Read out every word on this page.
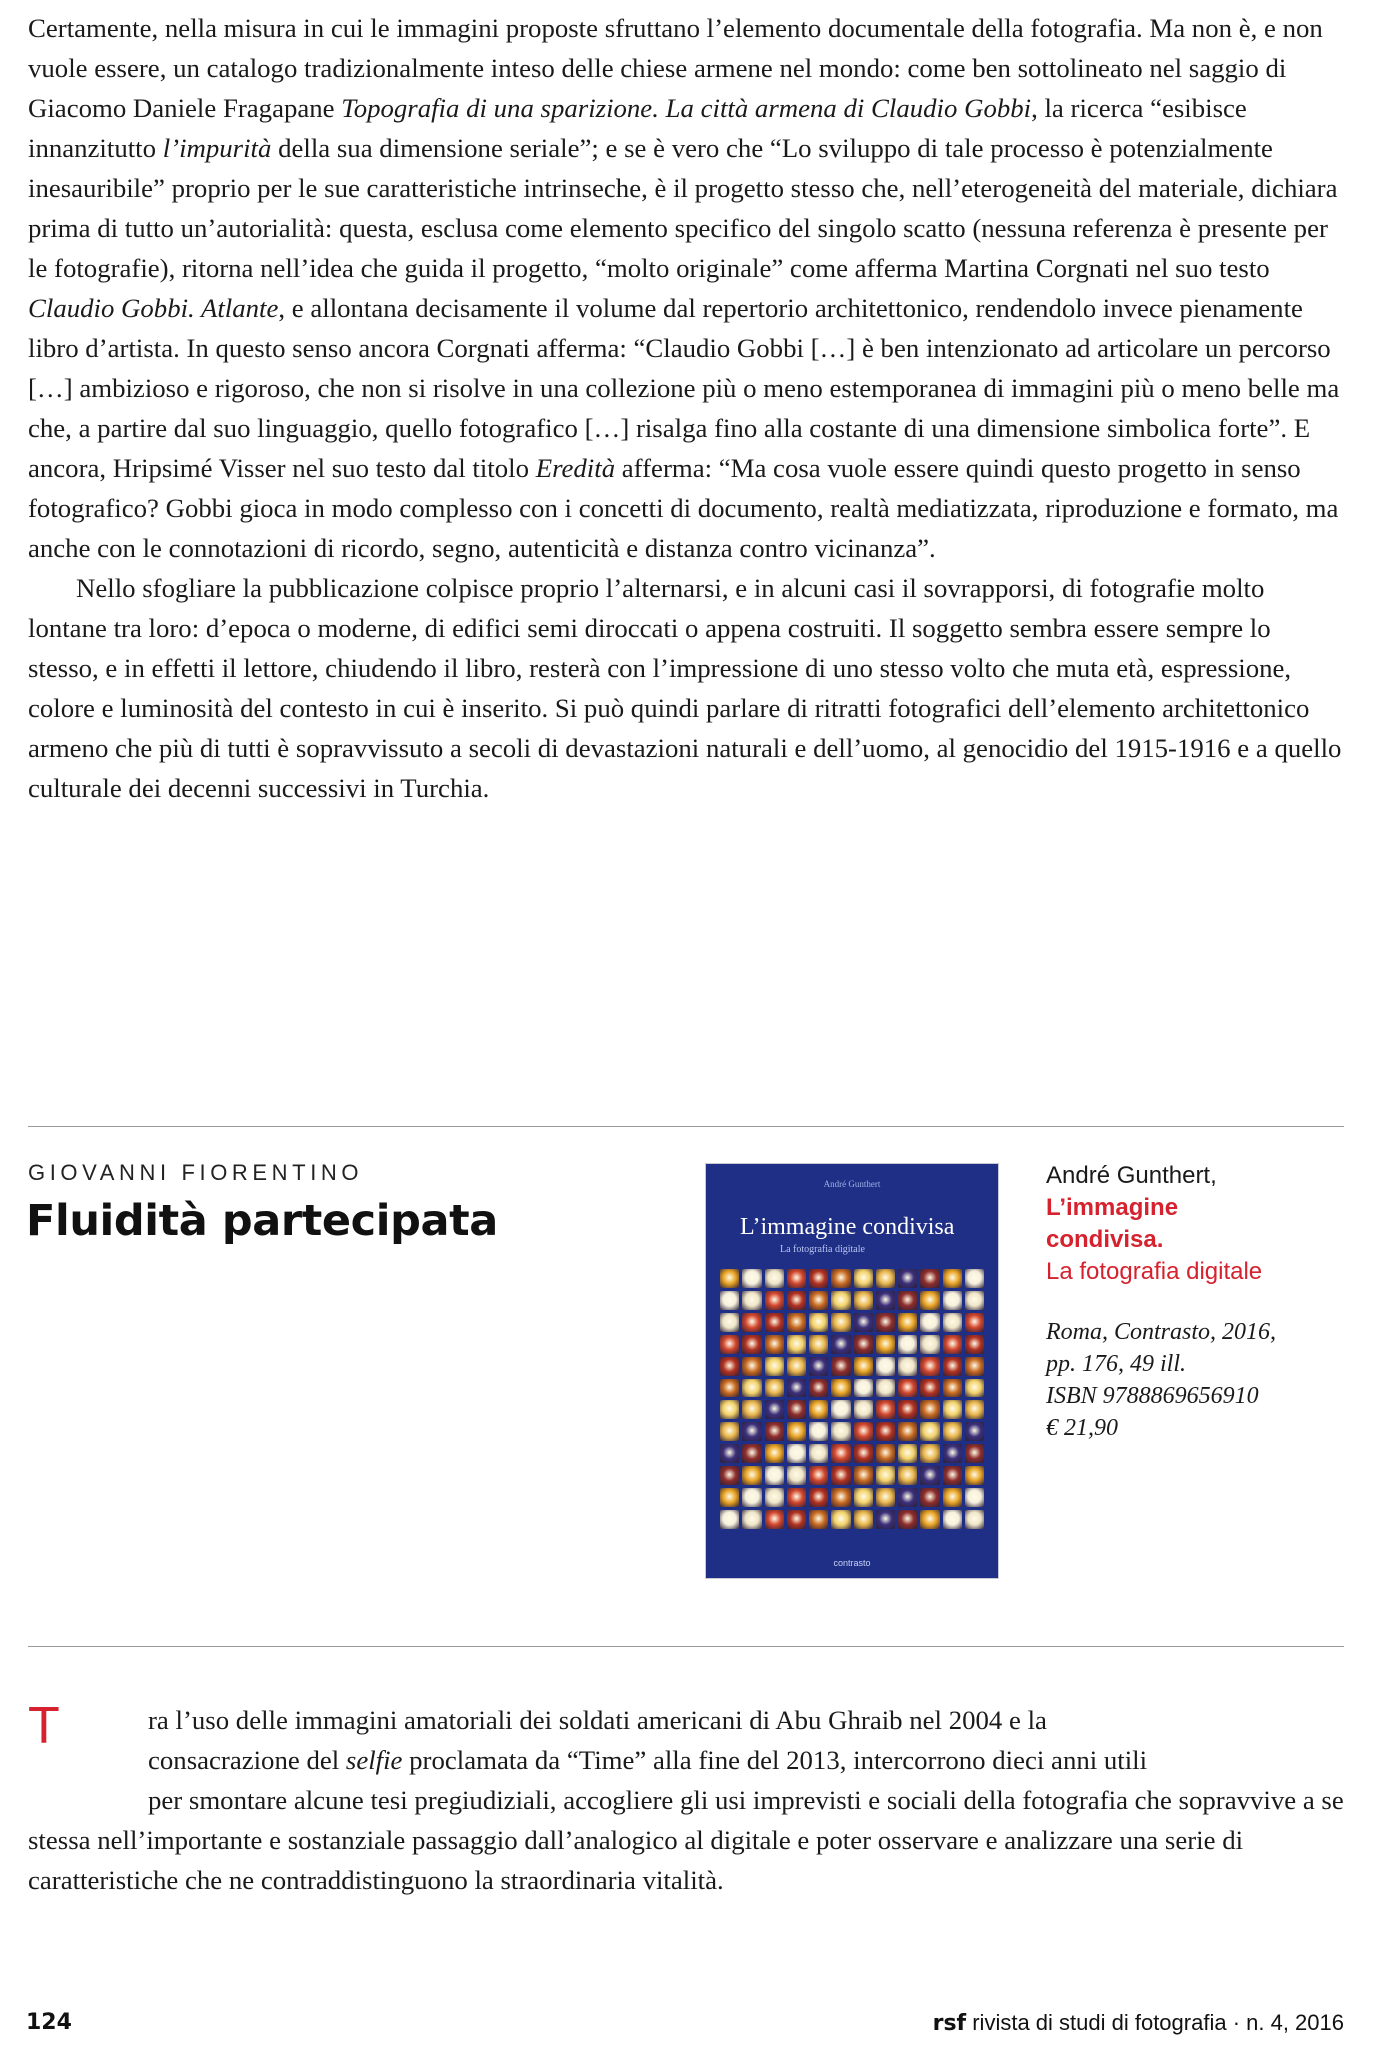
Certamente, nella misura in cui le immagini proposte sfruttano l’elemento documentale della fotografia. Ma non è, e non vuole essere, un catalogo tradizionalmente inteso delle chiese armene nel mondo: come ben sottolineato nel saggio di Giacomo Daniele Fragapane Topografia di una sparizione. La città armena di Claudio Gobbi, la ricerca “esibisce innanzitutto l’impurità della sua dimensione seriale”; e se è vero che “Lo sviluppo di tale processo è potenzialmente inesauribile” proprio per le sue caratteristiche intrinseche, è il progetto stesso che, nell’eterogeneità del materiale, dichiara prima di tutto un’autorialità: questa, esclusa come elemento specifico del singolo scatto (nessuna referenza è presente per le fotografie), ritorna nell’idea che guida il progetto, “molto originale” come afferma Martina Corgnati nel suo testo Claudio Gobbi. Atlante, e allontana decisamente il volume dal repertorio architettonico, rendendolo invece pienamente libro d’artista. In questo senso ancora Corgnati afferma: “Claudio Gobbi […] è ben intenzionato ad articolare un percorso […] ambizioso e rigoroso, che non si risolve in una collezione più o meno estemporanea di immagini più o meno belle ma che, a partire dal suo linguaggio, quello fotografico […] risalga fino alla costante di una dimensione simbolica forte”. E ancora, Hripsimé Visser nel suo testo dal titolo Eredità afferma: “Ma cosa vuole essere quindi questo progetto in senso fotografico? Gobbi gioca in modo complesso con i concetti di documento, realtà mediatizzata, riproduzione e formato, ma anche con le connotazioni di ricordo, segno, autenticità e distanza contro vicinanza”.

Nello sfogliare la pubblicazione colpisce proprio l’alternarsi, e in alcuni casi il sovrapporsi, di fotografie molto lontane tra loro: d’epoca o moderne, di edifici semi diroccati o appena costruiti. Il soggetto sembra essere sempre lo stesso, e in effetti il lettore, chiudendo il libro, resterà con l’impressione di uno stesso volto che muta età, espressione, colore e luminosità del contesto in cui è inserito. Si può quindi parlare di ritratti fotografici dell’elemento architettonico armeno che più di tutti è sopravvissuto a secoli di devastazioni naturali e dell’uomo, al genocidio del 1915-1916 e a quello culturale dei decenni successivi in Turchia.

GIOVANNI FIORENTINO

Fluidità partecipata
André Gunthert
L’immagine condivisa
La fotografia digitale
contrasto

André Gunthert,

L’immagine

condivisa.

La fotografia digitale

Roma, Contrasto, 2016,

pp. 176, 49 ill.

ISBN 9788869656910

€ 21,90

T	ra l’uso delle immagini amatoriali dei soldati americani di Abu Ghraib nel 2004 e la

consacrazione del selfie proclamata da “Time” alla fine del 2013, intercorrono dieci anni utili

per smontare alcune tesi pregiudiziali, accogliere gli usi imprevisti e sociali della fotografia che sopravvive a se stessa nell’importante e sostanziale passaggio dall’analogico al digitale e poter osservare e analizzare una serie di caratteristiche che ne contraddistinguono la straordinaria vitalità.

124	rsf rivista di studi di fotografia · n. 4, 2016
